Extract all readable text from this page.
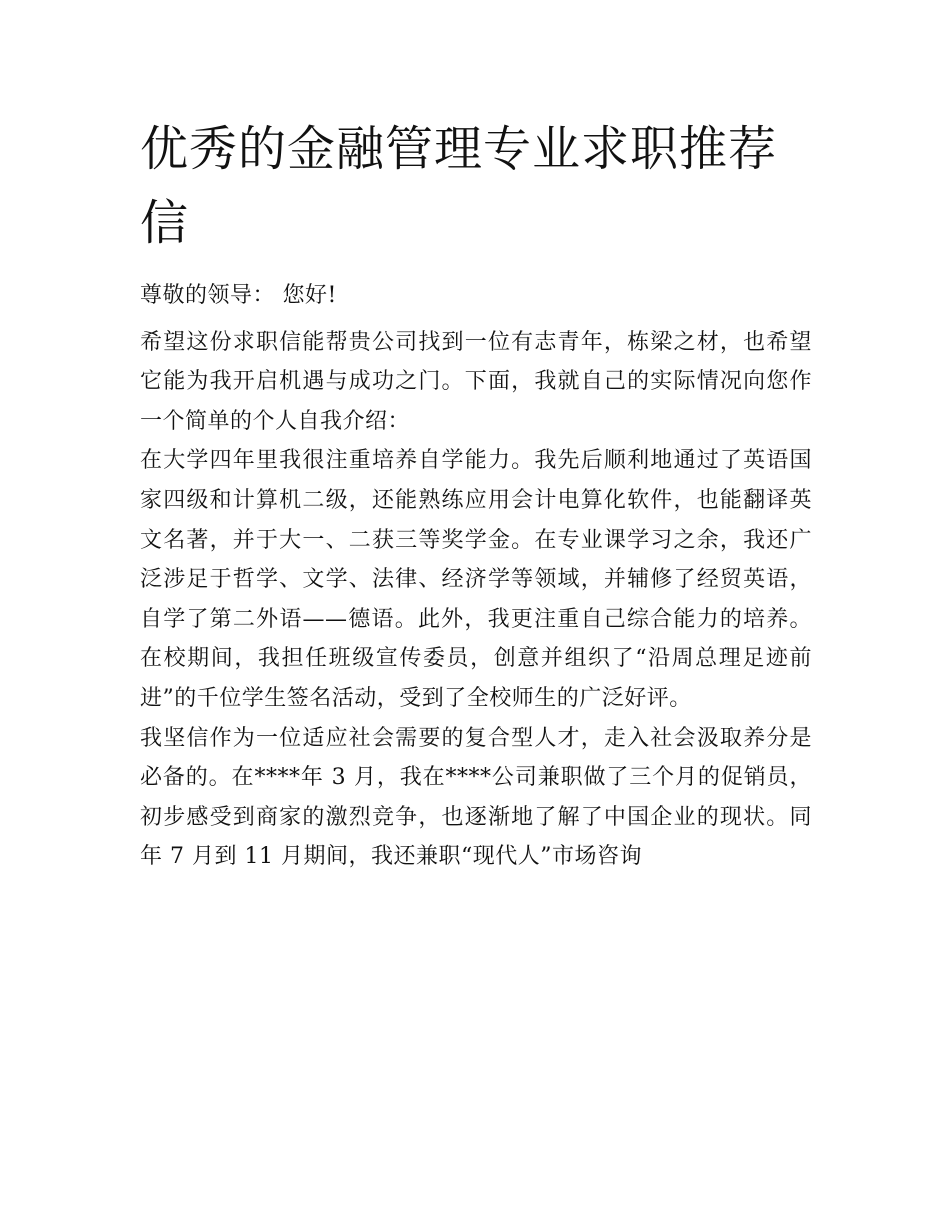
优秀的金融管理专业求职推荐信

尊敬的领导： 您好!

希望这份求职信能帮贵公司找到一位有志青年，栋梁之材，也希望它能为我开启机遇与成功之门。下面，我就自己的实际情况向您作一个简单的个人自我介绍：

在大学四年里我很注重培养自学能力。我先后顺利地通过了英语国家四级和计算机二级，还能熟练应用会计电算化软件，也能翻译英文名著，并于大一、二获三等奖学金。在专业课学习之余，我还广泛涉足于哲学、文学、法律、经济学等领域，并辅修了经贸英语，自学了第二外语——德语。此外，我更注重自己综合能力的培养。在校期间，我担任班级宣传委员，创意并组织了“沿周总理足迹前进”的千位学生签名活动，受到了全校师生的广泛好评。

我坚信作为一位适应社会需要的复合型人才，走入社会汲取养分是必备的。在****年 3 月，我在****公司兼职做了三个月的促销员，初步感受到商家的激烈竞争，也逐渐地了解了中国企业的现状。同年 7 月到 11 月期间，我还兼职“现代人”市场咨询
